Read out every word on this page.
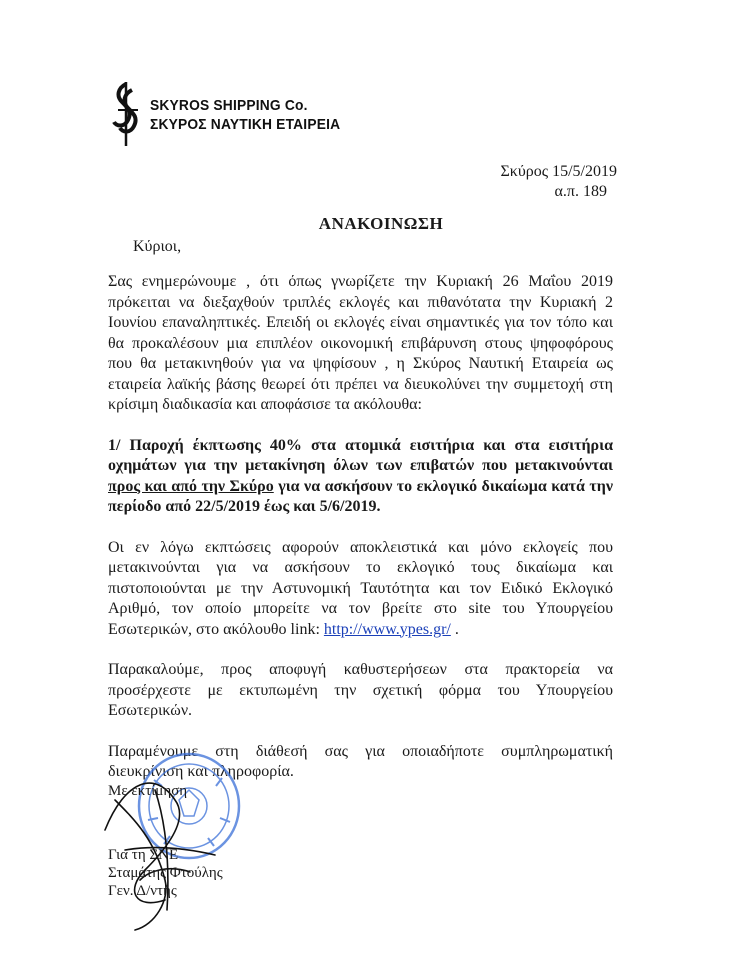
SKYROS SHIPPING Co.
ΣΚΥΡΟΣ ΝΑΥΤΙΚΗ ΕΤΑΙΡΕΙΑ
Σκύρος 15/5/2019
α.π. 189
ΑΝΑΚΟΙΝΩΣΗ
Κύριοι,

Σας ενημερώνουμε , ότι όπως γνωρίζετε την Κυριακή 26 Μαΐου 2019 πρόκειται να διεξαχθούν τριπλές εκλογές και πιθανότατα την Κυριακή 2 Ιουνίου επαναληπτικές. Επειδή οι εκλογές είναι σημαντικές για τον τόπο και θα προκαλέσουν μια επιπλέον οικονομική επιβάρυνση στους ψηφοφόρους που θα μετακινηθούν για να ψηφίσουν , η Σκύρος Ναυτική Εταιρεία ως εταιρεία λαϊκής βάσης θεωρεί ότι πρέπει να διευκολύνει την συμμετοχή στη κρίσιμη διαδικασία και αποφάσισε τα ακόλουθα:

1/ Παροχή έκπτωσης 40% στα ατομικά εισιτήρια και στα εισιτήρια οχημάτων για την μετακίνηση όλων των επιβατών που μετακινούνται προς και από την Σκύρο για να ασκήσουν το εκλογικό δικαίωμα κατά την περίοδο από 22/5/2019 έως και 5/6/2019.

Οι εν λόγω εκπτώσεις αφορούν αποκλειστικά και μόνο εκλογείς που μετακινούνται για να ασκήσουν το εκλογικό τους δικαίωμα και πιστοποιούνται με την Αστυνομική Ταυτότητα και τον Ειδικό Εκλογικό Αριθμό, τον οποίο μπορείτε να τον βρείτε στο site του Υπουργείου Εσωτερικών, στο ακόλουθο link: http://www.ypes.gr/ .

Παρακαλούμε, προς αποφυγή καθυστερήσεων στα πρακτορεία να προσέρχεστε με εκτυπωμένη την σχετική φόρμα του Υπουργείου Εσωτερικών.

Παραμένουμε στη διάθεσή σας για οποιαδήποτε συμπληρωματική διευκρίνιση και πληροφορία.

Με εκτίμηση
Για τη ΣΝΕ
Σταμάτης Φτούλης
Γεν. Δ/ντής
